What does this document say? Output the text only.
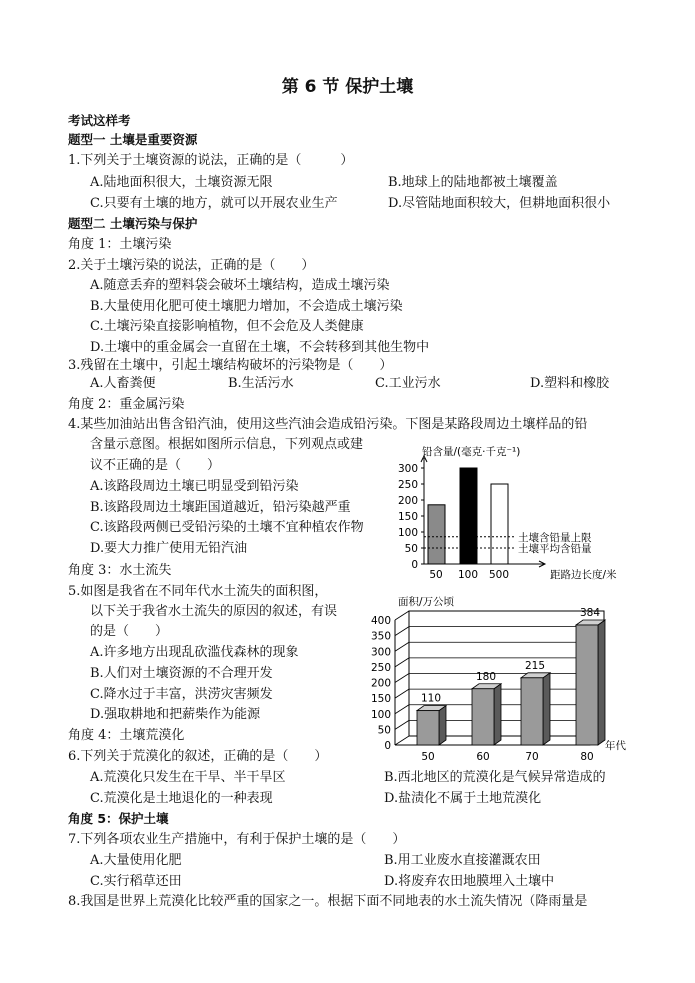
第 6 节 保护土壤
考试这样考
题型一 土壤是重要资源
1.下列关于土壤资源的说法，正确的是（　　　）
A.陆地面积很大，土壤资源无限	B.地球上的陆地都被土壤覆盖
C.只要有土壤的地方，就可以开展农业生产	D.尽管陆地面积较大，但耕地面积很小
题型二 土壤污染与保护
角度 1：土壤污染
2.关于土壤污染的说法，正确的是（　　）
A.随意丢弃的塑料袋会破坏土壤结构，造成土壤污染
B.大量使用化肥可使土壤肥力增加，不会造成土壤污染
C.土壤污染直接影响植物，但不会危及人类健康
D.土壤中的重金属会一直留在土壤，不会转移到其他生物中
3.残留在土壤中，引起土壤结构破坏的污染物是（　　）
A.人畜粪便	B.生活污水	C.工业污水	D.塑料和橡胶
角度 2：重金属污染
4.某些加油站出售含铅汽油，使用这些汽油会造成铅污染。下图是某路段周边土壤样品的铅
含量示意图。根据如图所示信息，下列观点或建
议不正确的是（　　）
A.该路段周边土壤已明显受到铅污染
B.该路段周边土壤距国道越近，铅污染越严重
C.该路段两侧已受铅污染的土壤不宜种植农作物
D.要大力推广使用无铅汽油
角度 3：水土流失
5.如图是我省在不同年代水土流失的面积图，
以下关于我省水土流失的原因的叙述，有误
的是（　　）
A.许多地方出现乱砍滥伐森林的现象
B.人们对土壤资源的不合理开发
C.降水过于丰富，洪涝灾害频发
D.强取耕地和把薪柴作为能源
角度 4：土壤荒漠化
6.下列关于荒漠化的叙述，正确的是（　　）
A.荒漠化只发生在干旱、半干旱区	B.西北地区的荒漠化是气候异常造成的
C.荒漠化是土地退化的一种表现	D.盐渍化不属于土地荒漠化
角度 5：保护土壤
7.下列各项农业生产措施中，有利于保护土壤的是（　　）
A.大量使用化肥	B.用工业废水直接灌溉农田
C.实行稻草还田	D.将废弃农田地膜埋入土壤中
8.我国是世界上荒漠化比较严重的国家之一。根据下面不同地表的水土流失情况（降雨量是
铅含量/(毫克·千克⁻¹)
0
50
100
150
200
250
300
50 100 500
土壤含铅量上限
土壤平均含铅量
距路边长度/米
面积/万公顷
0
50
100
150
200
250
300
350
400
110
50
180
60
215
70
384
80
年代
